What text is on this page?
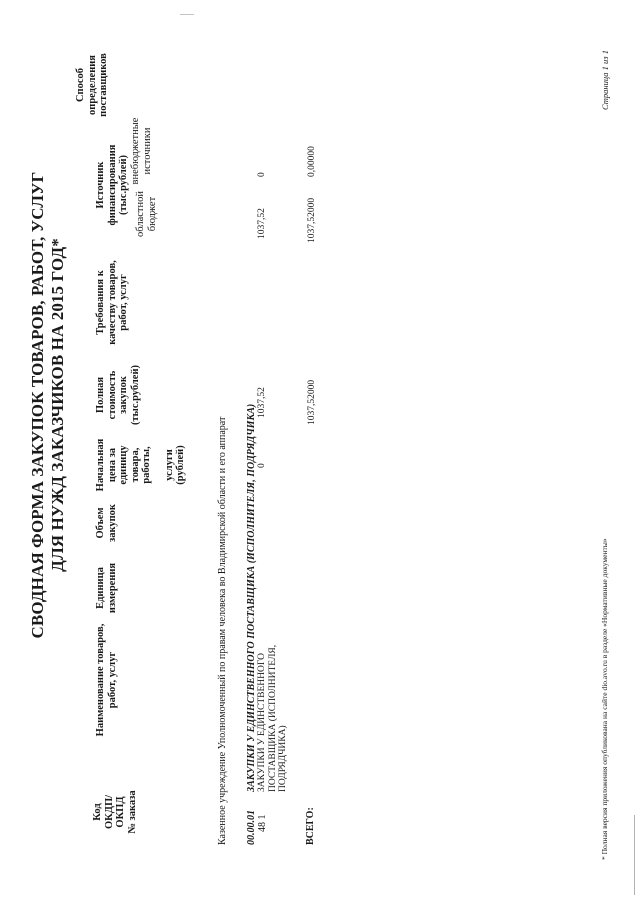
СВОДНАЯ ФОРМА ЗАКУПОК ТОВАРОВ, РАБОТ, УСЛУГ ДЛЯ НУЖД ЗАКАЗЧИКОВ НА 2015 ГОД*
Код ОКДП/ ОКПД № заказа
Наименование товаров, работ, услуг
Единица измерения
Объем закупок
Начальная цена за единицу товара, работы, услуги (рублей)
Полная стоимость закупок (тыс.рублей)
Требования к качеству товаров, работ, услуг
Источник финансирования (тыс.рублей) областной бюджет
внебюджетные источники
Способ определения поставщиков
Казенное учреждение Уполномоченный по правам человека во Владимирской области и его аппарат 00.00.01
ЗАКУПКИ У ЕДИНСТВЕННОГО ПОСТАВЩИКА (ИСПОЛНИТЕЛЯ, ПОДРЯДЧИКА)
48 1
ЗАКУПКИ У ЕДИНСТВЕННОГО ПОСТАВЩИКА (ИСПОЛНИТЕЛЯ, ПОДРЯДЧИКА)
0
1037,52
1037,52
0
ВСЕГО:
1037,52000
1037,52000
0,00000
* Полная версия приложения опубликована на сайте dio.avo.ru в разделе «Нормативные документы»
Страница 1 из 1
